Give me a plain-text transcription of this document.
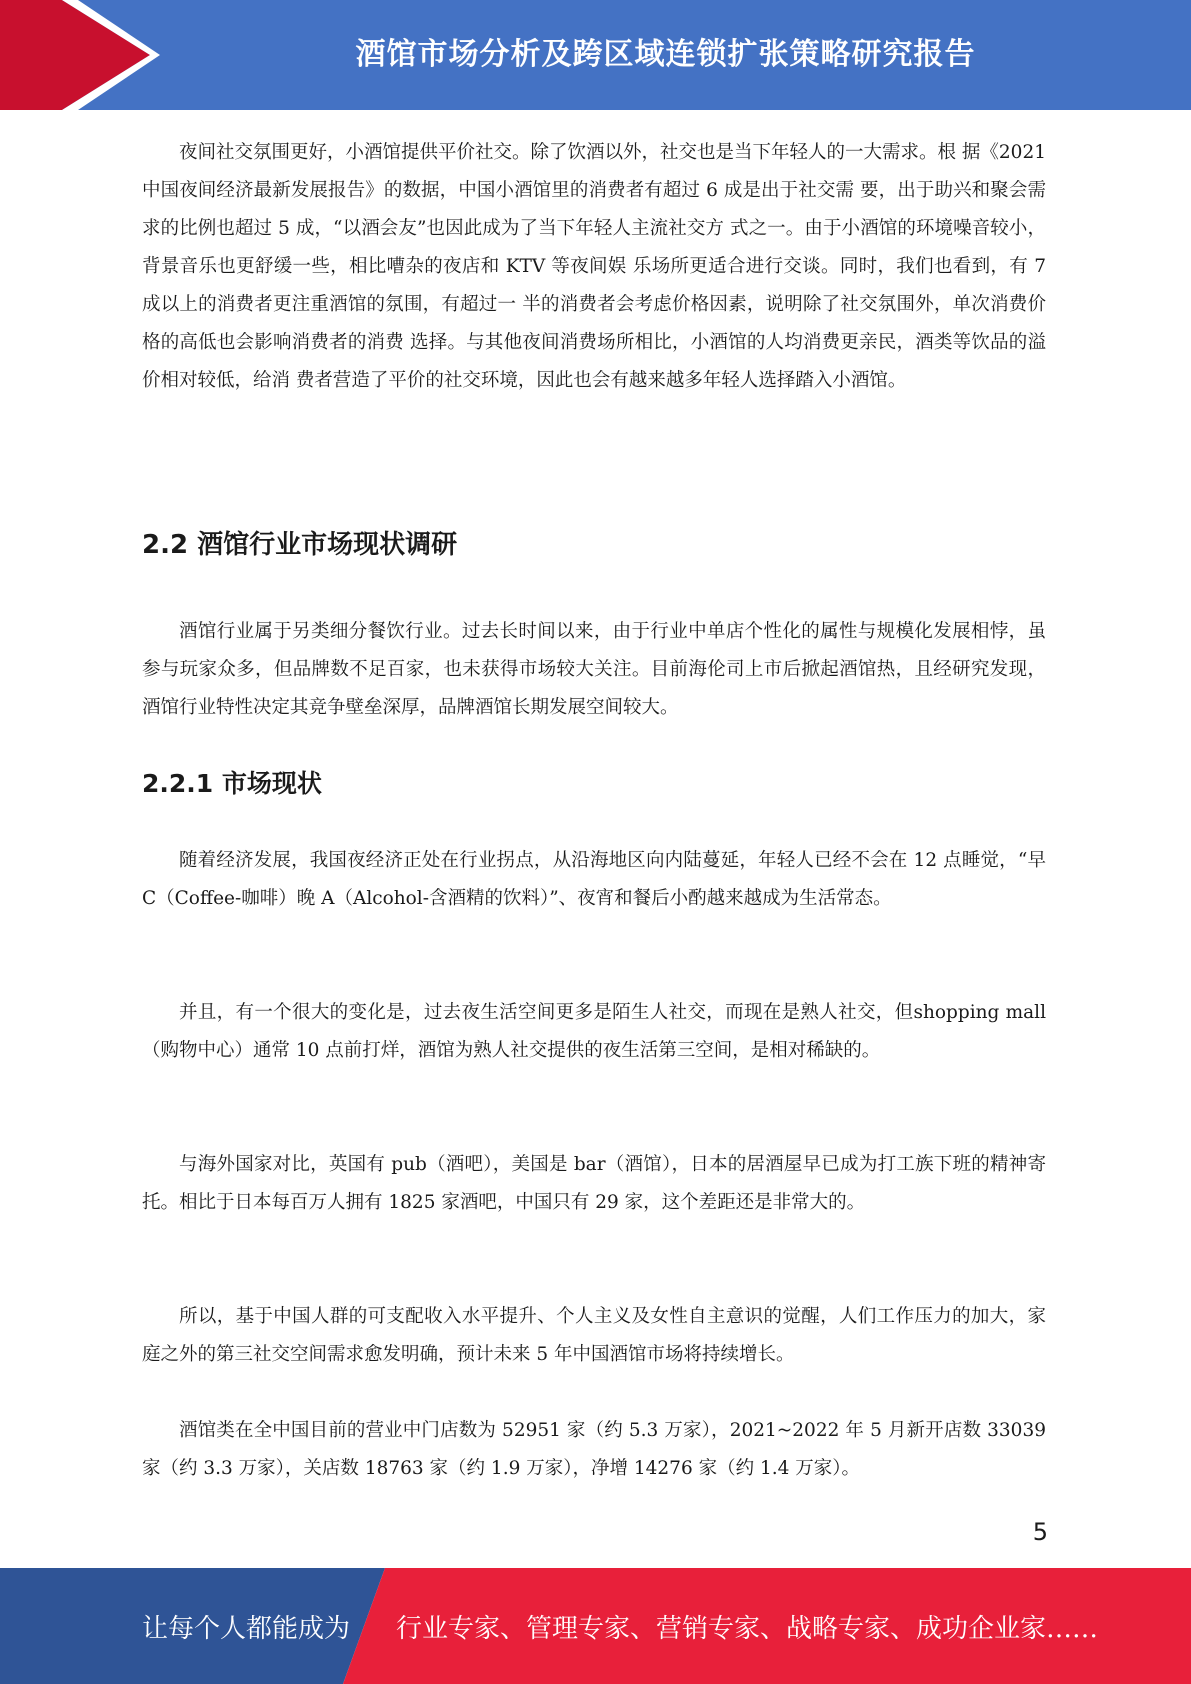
酒馆市场分析及跨区域连锁扩张策略研究报告

夜间社交氛围更好，小酒馆提供平价社交。除了饮酒以外，社交也是当下年轻人的一大需求。根 据《2021 中国夜间经济最新发展报告》的数据，中国小酒馆里的消费者有超过 6 成是出于社交需 要，出于助兴和聚会需求的比例也超过 5 成，“以酒会友”也因此成为了当下年轻人主流社交方 式之一。由于小酒馆的环境噪音较小，背景音乐也更舒缓一些，相比嘈杂的夜店和 KTV 等夜间娱 乐场所更适合进行交谈。同时，我们也看到，有 7 成以上的消费者更注重酒馆的氛围，有超过一 半的消费者会考虑价格因素，说明除了社交氛围外，单次消费价格的高低也会影响消费者的消费 选择。与其他夜间消费场所相比，小酒馆的人均消费更亲民，酒类等饮品的溢价相对较低，给消 费者营造了平价的社交环境，因此也会有越来越多年轻人选择踏入小酒馆。

2.2 酒馆行业市场现状调研

酒馆行业属于另类细分餐饮行业。过去长时间以来，由于行业中单店个性化的属性与规模化发展相悖，虽参与玩家众多，但品牌数不足百家，也未获得市场较大关注。目前海伦司上市后掀起酒馆热，且经研究发现，酒馆行业特性决定其竞争壁垒深厚，品牌酒馆长期发展空间较大。

2.2.1 市场现状

随着经济发展，我国夜经济正处在行业拐点，从沿海地区向内陆蔓延，年轻人已经不会在 12 点睡觉，“早 C（Coffee-咖啡）晚 A（Alcohol-含酒精的饮料）”、夜宵和餐后小酌越来越成为生活常态。

并且，有一个很大的变化是，过去夜生活空间更多是陌生人社交，而现在是熟人社交，但shopping mall（购物中心）通常 10 点前打烊，酒馆为熟人社交提供的夜生活第三空间，是相对稀缺的。

与海外国家对比，英国有 pub（酒吧），美国是 bar（酒馆），日本的居酒屋早已成为打工族下班的精神寄托。相比于日本每百万人拥有 1825 家酒吧，中国只有 29 家，这个差距还是非常大的。

所以，基于中国人群的可支配收入水平提升、个人主义及女性自主意识的觉醒，人们工作压力的加大，家庭之外的第三社交空间需求愈发明确，预计未来 5 年中国酒馆市场将持续增长。

酒馆类在全中国目前的营业中门店数为 52951 家（约 5.3 万家），2021~2022 年 5 月新开店数 33039 家（约 3.3 万家），关店数 18763 家（约 1.9 万家），净增 14276 家（约 1.4 万家）。

5
让每个人都能成为 行业专家、管理专家、营销专家、战略专家、成功企业家……
